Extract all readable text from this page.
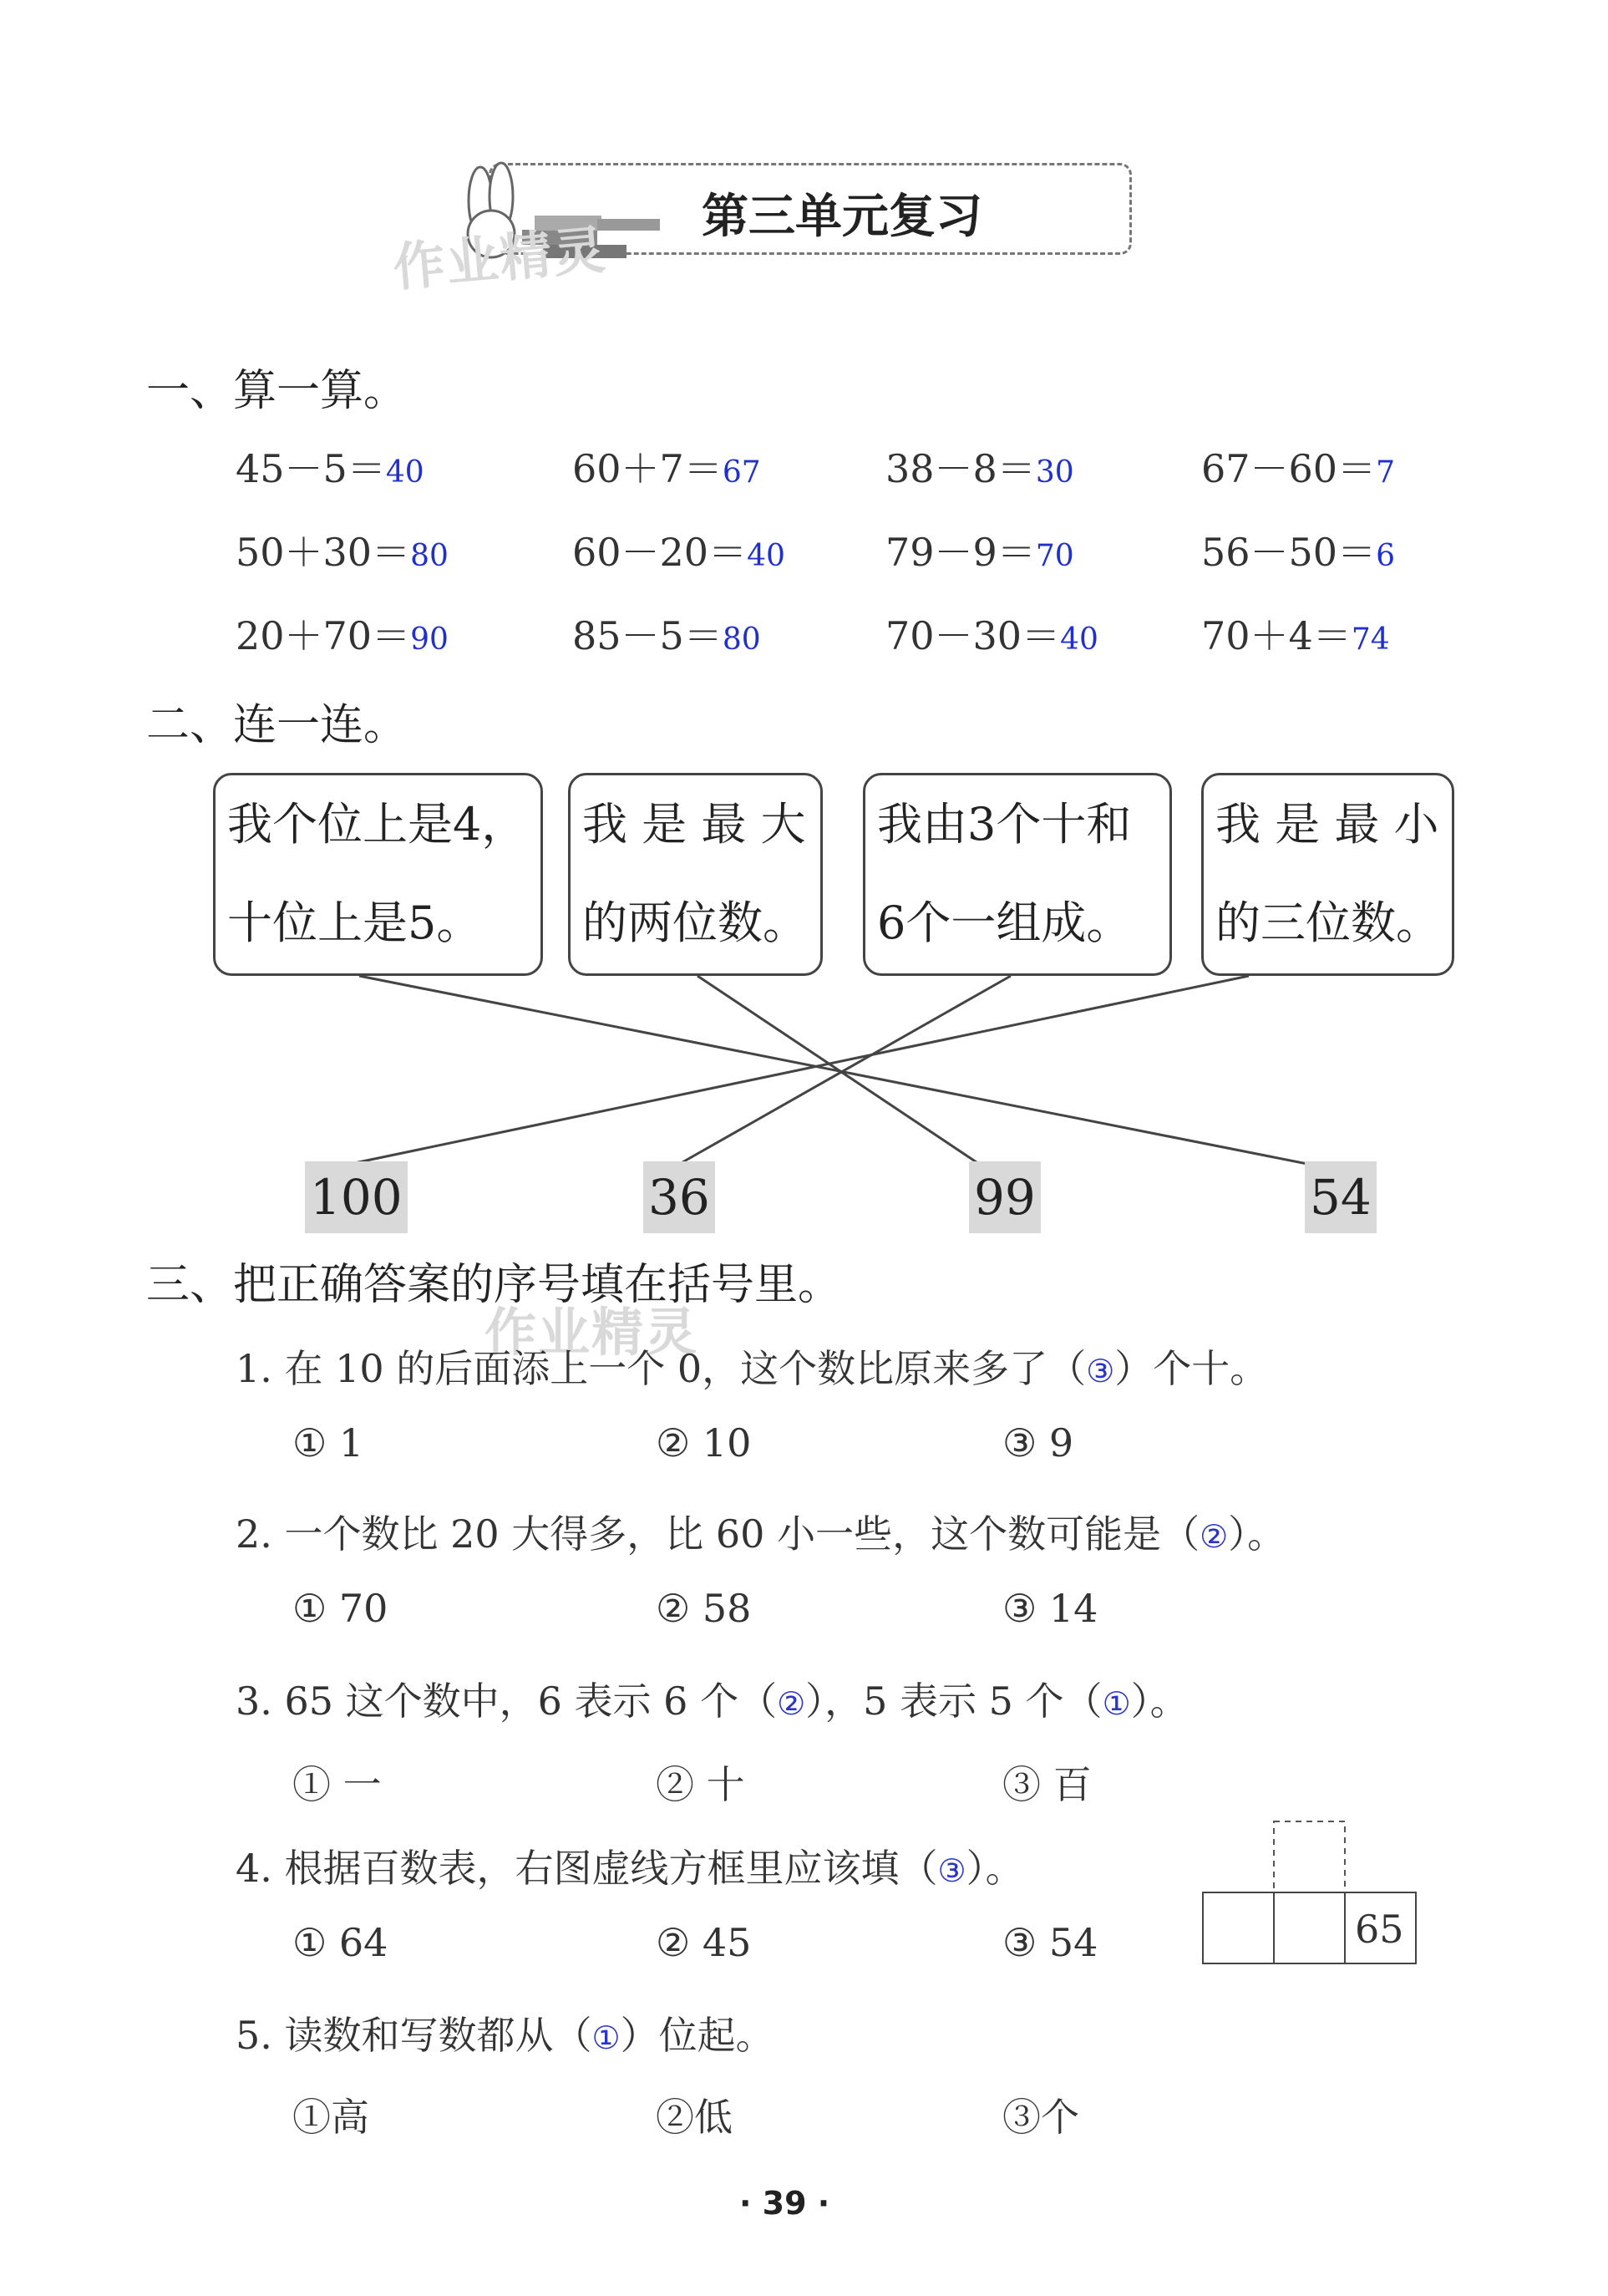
第三单元复习
作业精灵
作业精灵
一、算一算。
45－5＝40	60＋7＝67	38－8＝30	67－60＝7
50＋30＝80	60－20＝40	79－9＝70	56－50＝6
20＋70＝90	85－5＝80	70－30＝40	70＋4＝74
二、连一连。
我个位上是4，
十位上是5。
我 是 最 大
的两位数。
我由3个十和
6个一组成。
我 是 最 小
的三位数。
100	36	99	54
三、把正确答案的序号填在括号里。
1. 在 10 的后面添上一个 0，这个数比原来多了（③）个十。
① 1	② 10	③ 9
2. 一个数比 20 大得多，比 60 小一些，这个数可能是（②）。
① 70	② 58	③ 14
3. 65 这个数中，6 表示 6 个（②），5 表示 5 个（①）。
① 一	② 十	③ 百
4. 根据百数表，右图虚线方框里应该填（③）。
① 64	② 45	③ 54	65
5. 读数和写数都从（①）位起。
①高	②低	③个
· 39 ·
